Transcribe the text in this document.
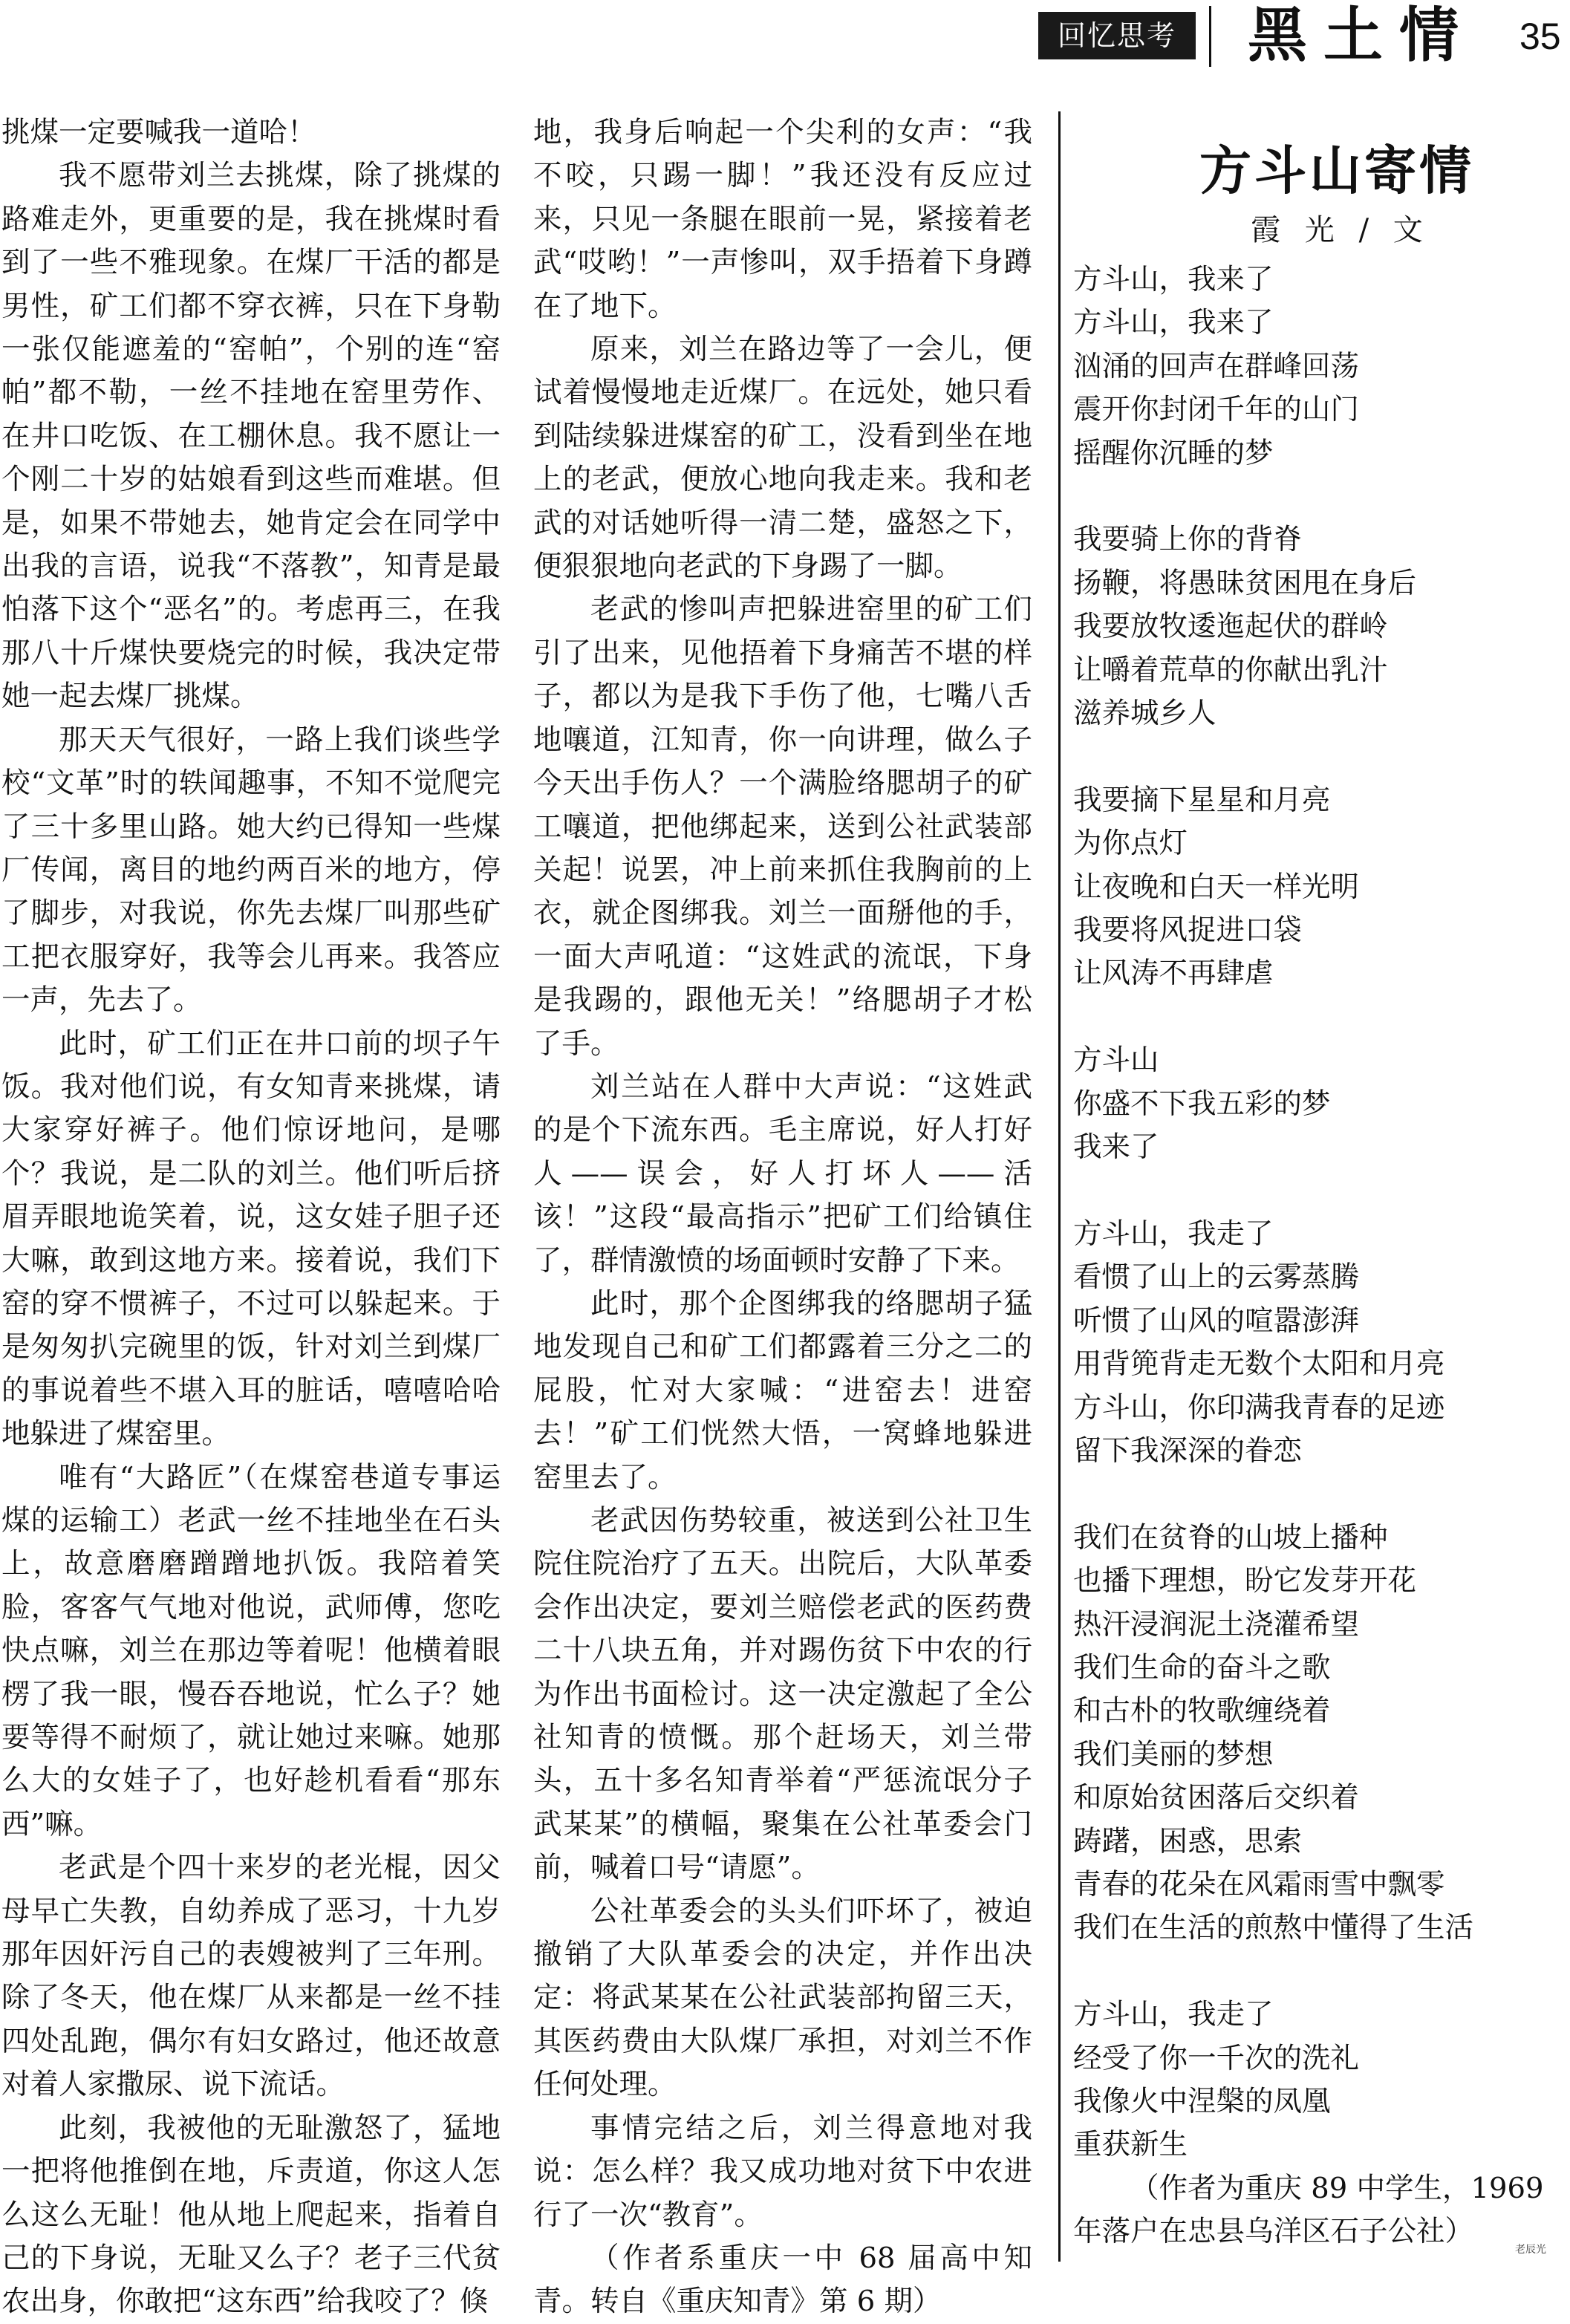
回忆思考	黑土情 35

挑煤一定要喊我一道哈！

我不愿带刘兰去挑煤，除了挑煤的路难走外，更重要的是，我在挑煤时看到了一些不雅现象。在煤厂干活的都是男性，矿工们都不穿衣裤，只在下身勒一张仅能遮羞的“窑帕”，个别的连“窑帕”都不勒，一丝不挂地在窑里劳作、在井口吃饭、在工棚休息。我不愿让一个刚二十岁的姑娘看到这些而难堪。但是，如果不带她去，她肯定会在同学中出我的言语，说我“不落教”，知青是最怕落下这个“恶名”的。考虑再三，在我那八十斤煤快要烧完的时候，我决定带她一起去煤厂挑煤。

那天天气很好，一路上我们谈些学校“文革”时的轶闻趣事，不知不觉爬完了三十多里山路。她大约已得知一些煤厂传闻，离目的地约两百米的地方，停了脚步，对我说，你先去煤厂叫那些矿工把衣服穿好，我等会儿再来。我答应一声，先去了。

此时，矿工们正在井口前的坝子午饭。我对他们说，有女知青来挑煤，请大家穿好裤子。他们惊讶地问，是哪个？我说，是二队的刘兰。他们听后挤眉弄眼地诡笑着，说，这女娃子胆子还大嘛，敢到这地方来。接着说，我们下窑的穿不惯裤子，不过可以躲起来。于是匆匆扒完碗里的饭，针对刘兰到煤厂的事说着些不堪入耳的脏话，嘻嘻哈哈地躲进了煤窑里。

唯有“大路匠”（在煤窑巷道专事运煤的运输工）老武一丝不挂地坐在石头上，故意磨磨蹭蹭地扒饭。我陪着笑脸，客客气气地对他说，武师傅，您吃快点嘛，刘兰在那边等着呢！他横着眼楞了我一眼，慢吞吞地说，忙么子？她要等得不耐烦了，就让她过来嘛。她那么大的女娃子了，也好趁机看看“那东西”嘛。

老武是个四十来岁的老光棍，因父母早亡失教，自幼养成了恶习，十九岁那年因奸污自己的表嫂被判了三年刑。除了冬天，他在煤厂从来都是一丝不挂四处乱跑，偶尔有妇女路过，他还故意对着人家撒尿、说下流话。

此刻，我被他的无耻激怒了，猛地一把将他推倒在地，斥责道，你这人怎么这么无耻！他从地上爬起来，指着自己的下身说，无耻又么子？老子三代贫农出身，你敢把“这东西”给我咬了？倏

地，我身后响起一个尖利的女声：“我不咬，只踢一脚！”我还没有反应过来，只见一条腿在眼前一晃，紧接着老武“哎哟！”一声惨叫，双手捂着下身蹲在了地下。

原来，刘兰在路边等了一会儿，便试着慢慢地走近煤厂。在远处，她只看到陆续躲进煤窑的矿工，没看到坐在地上的老武，便放心地向我走来。我和老武的对话她听得一清二楚，盛怒之下，便狠狠地向老武的下身踢了一脚。

老武的惨叫声把躲进窑里的矿工们引了出来，见他捂着下身痛苦不堪的样子，都以为是我下手伤了他，七嘴八舌地嚷道，江知青，你一向讲理，做么子今天出手伤人？一个满脸络腮胡子的矿工嚷道，把他绑起来，送到公社武装部关起！说罢，冲上前来抓住我胸前的上衣，就企图绑我。刘兰一面掰他的手，一面大声吼道：“这姓武的流氓，下身是我踢的，跟他无关！”络腮胡子才松了手。

刘兰站在人群中大声说：“这姓武的是个下流东西。毛主席说，好人打好人——误会，好人打坏人——活该！”这段“最高指示”把矿工们给镇住了，群情激愤的场面顿时安静了下来。

此时，那个企图绑我的络腮胡子猛地发现自己和矿工们都露着三分之二的屁股，忙对大家喊：“进窑去！进窑去！”矿工们恍然大悟，一窝蜂地躲进窑里去了。

老武因伤势较重，被送到公社卫生院住院治疗了五天。出院后，大队革委会作出决定，要刘兰赔偿老武的医药费二十八块五角，并对踢伤贫下中农的行为作出书面检讨。这一决定激起了全公社知青的愤慨。那个赶场天，刘兰带头，五十多名知青举着“严惩流氓分子武某某”的横幅，聚集在公社革委会门前，喊着口号“请愿”。

公社革委会的头头们吓坏了，被迫撤销了大队革委会的决定，并作出决定：将武某某在公社武装部拘留三天，其医药费由大队煤厂承担，对刘兰不作任何处理。

事情完结之后，刘兰得意地对我说：怎么样？我又成功地对贫下中农进行了一次“教育”。

（作者系重庆一中 68 届高中知青。转自《重庆知青》第 6 期）

方斗山寄情
霞 光 / 文
方斗山，我来了
方斗山，我来了
汹涌的回声在群峰回荡
震开你封闭千年的山门
摇醒你沉睡的梦
我要骑上你的背脊
扬鞭，将愚昧贫困甩在身后
我要放牧逶迤起伏的群岭
让嚼着荒草的你献出乳汁
滋养城乡人
我要摘下星星和月亮
为你点灯
让夜晚和白天一样光明
我要将风捉进口袋
让风涛不再肆虐
方斗山
你盛不下我五彩的梦
我来了
方斗山，我走了
看惯了山上的云雾蒸腾
听惯了山风的喧嚣澎湃
用背篼背走无数个太阳和月亮
方斗山，你印满我青春的足迹
留下我深深的眷恋
我们在贫脊的山坡上播种
也播下理想，盼它发芽开花
热汗浸润泥土浇灌希望
我们生命的奋斗之歌
和古朴的牧歌缠绕着
我们美丽的梦想
和原始贫困落后交织着
踌躇，困惑，思索
青春的花朵在风霜雨雪中飘零
我们在生活的煎熬中懂得了生活
方斗山，我走了
经受了你一千次的洗礼
我像火中涅槃的凤凰
重获新生
（作者为重庆 89 中学生，1969 年落户在忠县乌洋区石子公社）
老辰光
